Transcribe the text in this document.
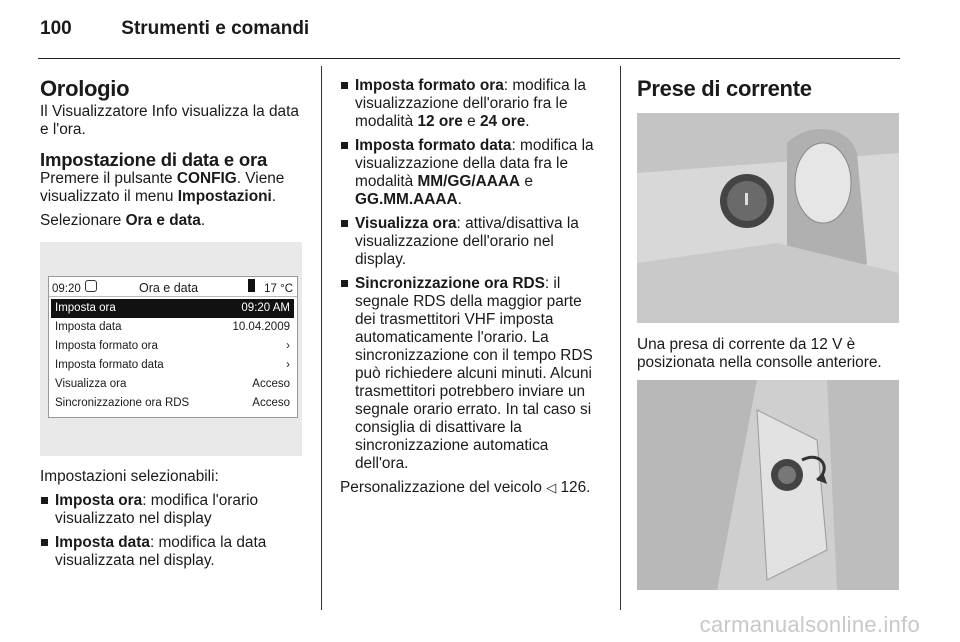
100	Strumenti e comandi
Orologio

Il Visualizzatore Info visualizza la data e l'ora.

Impostazione di data e ora

Premere il pulsante CONFIG. Viene visualizzato il menu Impostazioni.

Selezionare Ora e data.

09:20	Ora e data	17 °C
Imposta ora	09:20 AM
Imposta data	10.04.2009
Imposta formato ora	›
Imposta formato data	›
Visualizza ora	Acceso
Sincronizzazione ora RDS	Acceso

Impostazioni selezionabili:

Imposta ora: modifica l'orario visualizzato nel display
Imposta data: modifica la data visualizzata nel display.
Imposta formato ora: modifica la visualizzazione dell'orario fra le modalità 12 ore e 24 ore.
Imposta formato data: modifica la visualizzazione della data fra le modalità MM/GG/AAAA e GG.MM.AAAA.
Visualizza ora: attiva/disattiva la visualizzazione dell'orario nel display.
Sincronizzazione ora RDS: il segnale RDS della maggior parte dei trasmettitori VHF imposta automaticamente l'orario. La sincronizzazione con il tempo RDS può richiedere alcuni minuti. Alcuni trasmettitori potrebbero inviare un segnale orario errato. In tal caso si consiglia di disattivare la sincronizzazione automatica dell'ora.

Personalizzazione del veicolo ◁ 126.

Prese di corrente

Una presa di corrente da 12 V è posizionata nella consolle anteriore.

carmanualsonline.info
